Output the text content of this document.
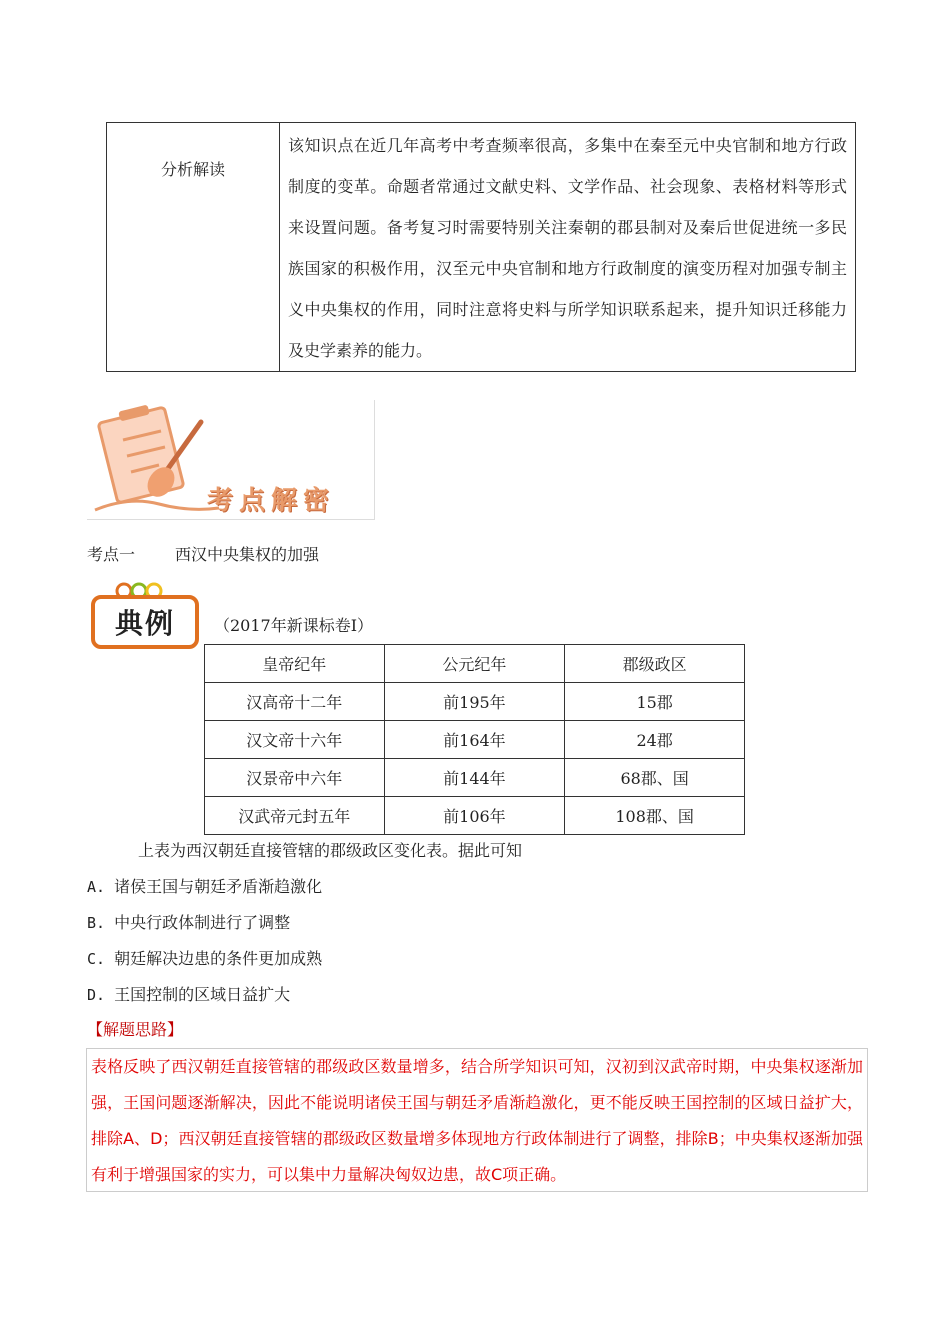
分析解读	该知识点在近几年高考中考查频率很高，多集中在秦至元中央官制和地方行政制度的变革。命题者常通过文献史料、文学作品、社会现象、表格材料等形式来设置问题。备考复习时需要特别关注秦朝的郡县制对及秦后世促进统一多民族国家的积极作用，汉至元中央官制和地方行政制度的演变历程对加强专制主义中央集权的作用，同时注意将史料与所学知识联系起来，提升知识迁移能力及史学素养的能力。
考点解密
考点一	西汉中央集权的加强
典例	（2017年新课标卷Ⅰ）
皇帝纪年	公元纪年	郡级政区
汉高帝十二年	前195年	15郡
汉文帝十六年	前164年	24郡
汉景帝中六年	前144年	68郡、国
汉武帝元封五年	前106年	108郡、国
上表为西汉朝廷直接管辖的郡级政区变化表。据此可知
A. 诸侯王国与朝廷矛盾渐趋激化
B. 中央行政体制进行了调整
C. 朝廷解决边患的条件更加成熟
D. 王国控制的区域日益扩大
【解题思路】
表格反映了西汉朝廷直接管辖的郡级政区数量增多，结合所学知识可知，汉初到汉武帝时期，中央集权逐渐加强，王国问题逐渐解决，因此不能说明诸侯王国与朝廷矛盾渐趋激化，更不能反映王国控制的区域日益扩大，排除A、D；西汉朝廷直接管辖的郡级政区数量增多体现地方行政体制进行了调整，排除B；中央集权逐渐加强有利于增强国家的实力，可以集中力量解决匈奴边患，故C项正确。
